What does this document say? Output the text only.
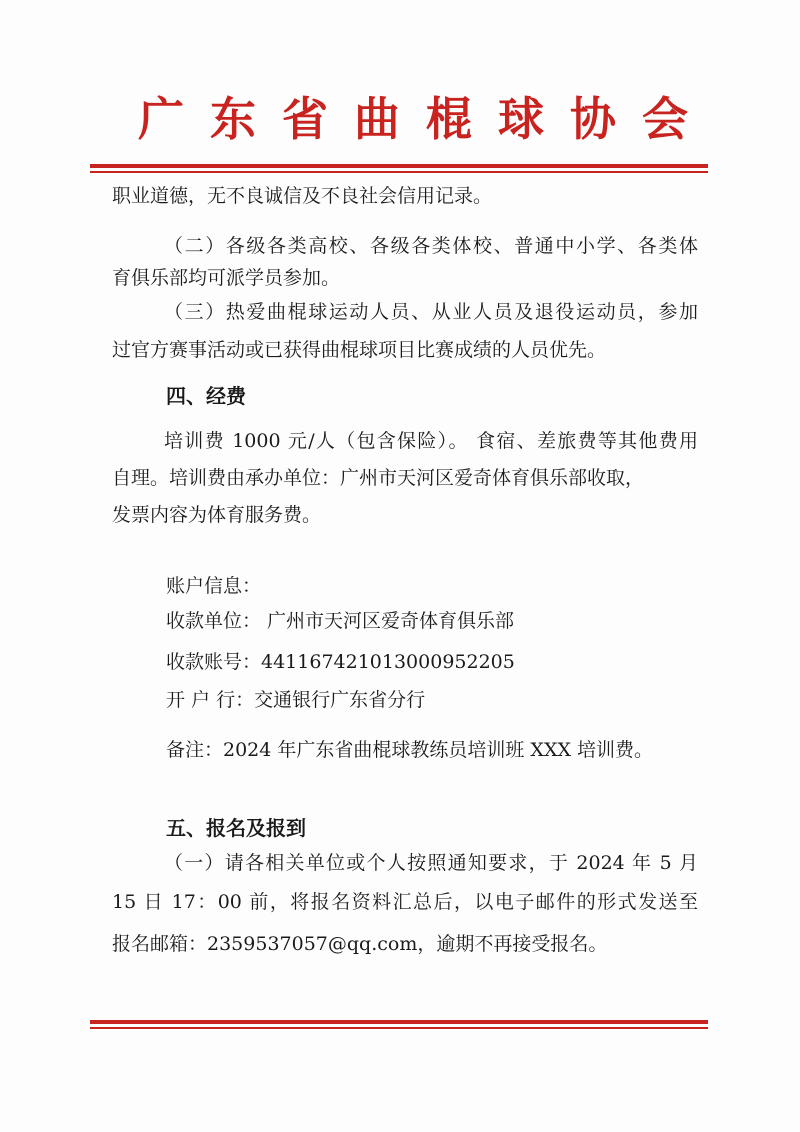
广东省曲棍球协会
职业道德，无不良诚信及不良社会信用记录。
（二）各级各类高校、各级各类体校、普通中小学、各类体
育俱乐部均可派学员参加。
（三）热爱曲棍球运动人员、从业人员及退役运动员，参加
过官方赛事活动或已获得曲棍球项目比赛成绩的人员优先。
四、经费
培训费 1000 元/人（包含保险）。 食宿、差旅费等其他费用
自理。培训费由承办单位：广州市天河区爱奇体育俱乐部收取，
发票内容为体育服务费。
账户信息：
收款单位： 广州市天河区爱奇体育俱乐部
收款账号：441167421013000952205
开 户 行：交通银行广东省分行
备注：2024 年广东省曲棍球教练员培训班 XXX 培训费。
五、报名及报到
（一）请各相关单位或个人按照通知要求，于 2024 年 5 月
15 日 17：00 前，将报名资料汇总后，以电子邮件的形式发送至
报名邮箱：2359537057@qq.com，逾期不再接受报名。
